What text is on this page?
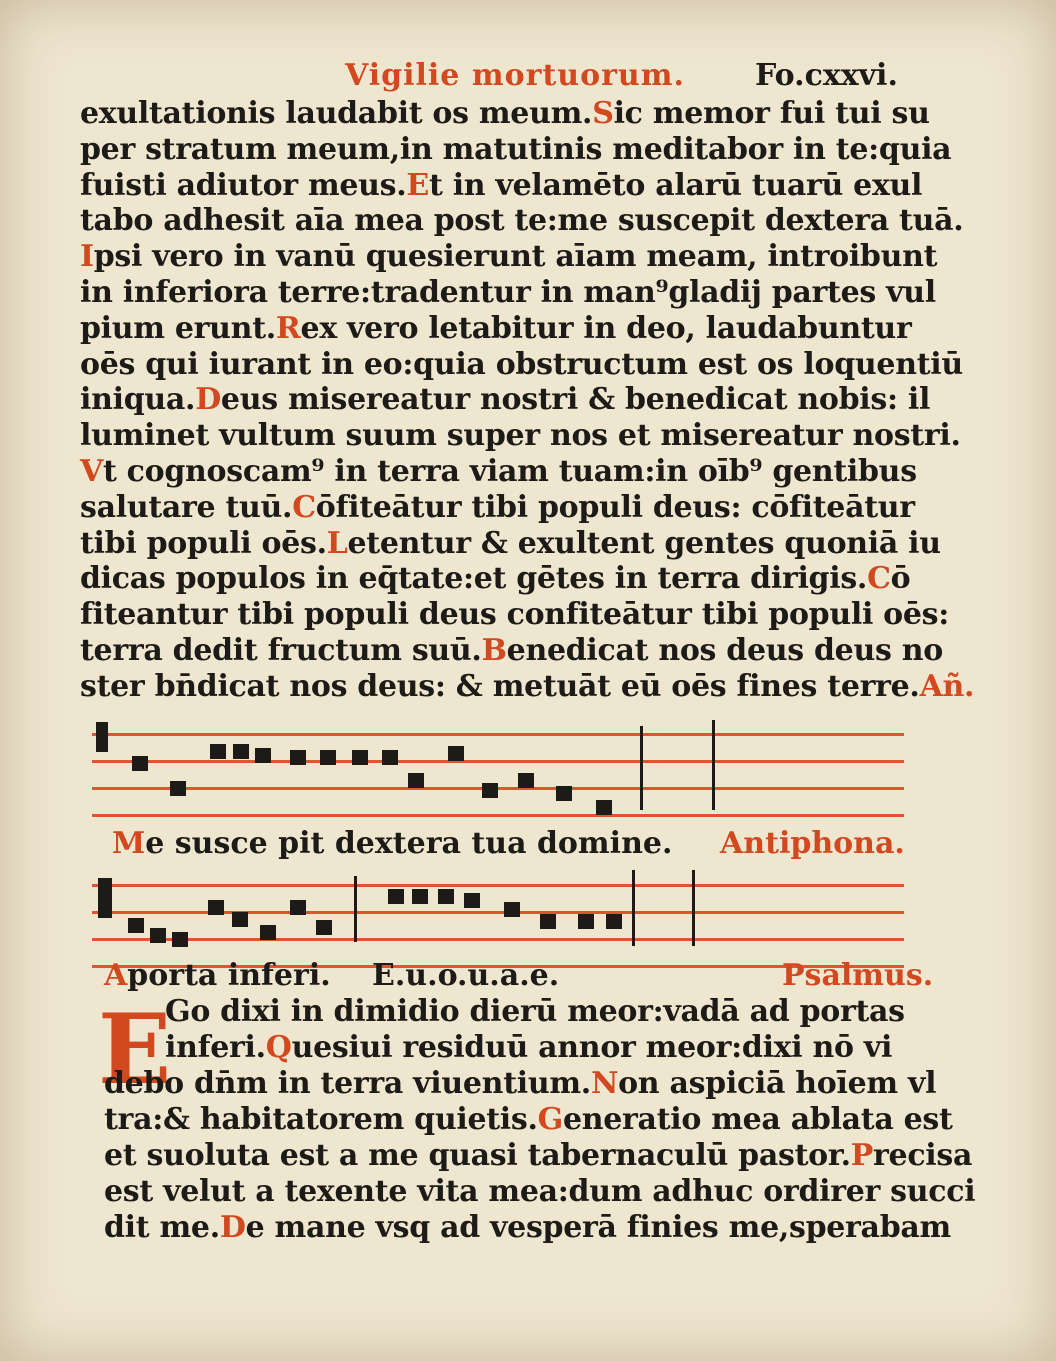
Vigilie mortuorum. Fo.cxxvi.
exultationis laudabit os meum.Sic memor fui tui su
per stratum meum,in matutinis meditabor in te:quia
fuisti adiutor meus.Et in velamēto alarū tuarū exul
tabo adhesit aīa mea post te:me suscepit dextera tuā.
Ipsi vero in vanū quesierunt aīam meam, introibunt
in inferiora terre:tradentur in man⁹gladij partes vul
pium erunt.Rex vero letabitur in deo, laudabuntur
oēs qui iurant in eo:quia obstructum est os loquentiū
iniqua.Deus misereatur nostri & benedicat nobis: il
luminet vultum suum super nos et misereatur nostri.
Vt cognoscam⁹ in terra viam tuam:in oīb⁹ gentibus
salutare tuū.Cōfiteātur tibi populi deus: cōfiteātur
tibi populi oēs.Letentur & exultent gentes quoniā iu
dicas populos in eq̄tate:et gētes in terra dirigis.Cō
fiteantur tibi populi deus confiteātur tibi populi oēs:
terra dedit fructum suū.Benedicat nos deus deus no
ster bn̄dicat nos deus: & metuāt eū oēs fines terre.Añ.
Me susce pit dextera tua domine. Antiphona.
Aporta inferi. E.u.o.u.a.e.	Psalmus.
E
Go dixi in dimidio dierū meor:vadā ad portas
inferi.Quesiui residuū annor meor:dixi nō vi
debo dn̄m in terra viuentium.Non aspiciā hoīem vl
tra:& habitatorem quietis.Generatio mea ablata est
et suoluta est a me quasi tabernaculū pastor.Precisa
est velut a texente vita mea:dum adhuc ordirer succi
dit me.De mane vsq ad vesperā finies me,sperabam
